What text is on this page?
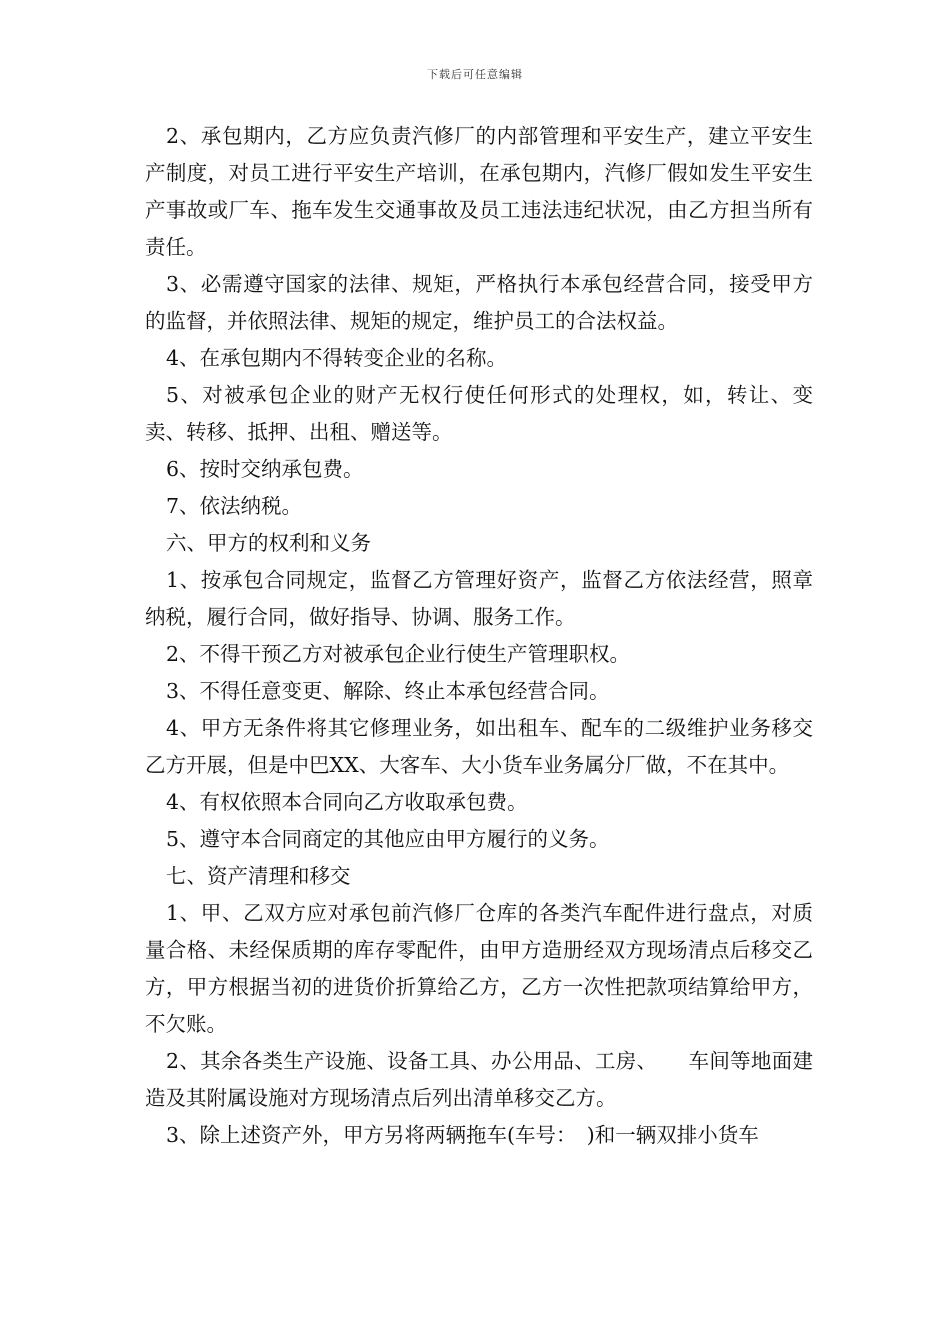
下载后可任意编辑

2、承包期内，乙方应负责汽修厂的内部管理和平安生产，建立平安生产制度，对员工进行平安生产培训，在承包期内，汽修厂假如发生平安生产事故或厂车、拖车发生交通事故及员工违法违纪状况，由乙方担当所有责任。

3、必需遵守国家的法律、规矩，严格执行本承包经营合同，接受甲方的监督，并依照法律、规矩的规定，维护员工的合法权益。

4、在承包期内不得转变企业的名称。

5、对被承包企业的财产无权行使任何形式的处理权，如，转让、变卖、转移、抵押、出租、赠送等。

6、按时交纳承包费。

7、依法纳税。

六、甲方的权利和义务

1、按承包合同规定，监督乙方管理好资产，监督乙方依法经营，照章纳税，履行合同，做好指导、协调、服务工作。

2、不得干预乙方对被承包企业行使生产管理职权。

3、不得任意变更、解除、终止本承包经营合同。

4、甲方无条件将其它修理业务，如出租车、配车的二级维护业务移交乙方开展，但是中巴XX、大客车、大小货车业务属分厂做，不在其中。

4、有权依照本合同向乙方收取承包费。

5、遵守本合同商定的其他应由甲方履行的义务。

七、资产清理和移交

1、甲、乙双方应对承包前汽修厂仓库的各类汽车配件进行盘点，对质量合格、未经保质期的库存零配件，由甲方造册经双方现场清点后移交乙方，甲方根据当初的进货价折算给乙方，乙方一次性把款项结算给甲方，不欠账。

2、其余各类生产设施、设备工具、办公用品、工房、　　车间等地面建造及其附属设施对方现场清点后列出清单移交乙方。

3、除上述资产外，甲方另将两辆拖车(车号：　)和一辆双排小货车
